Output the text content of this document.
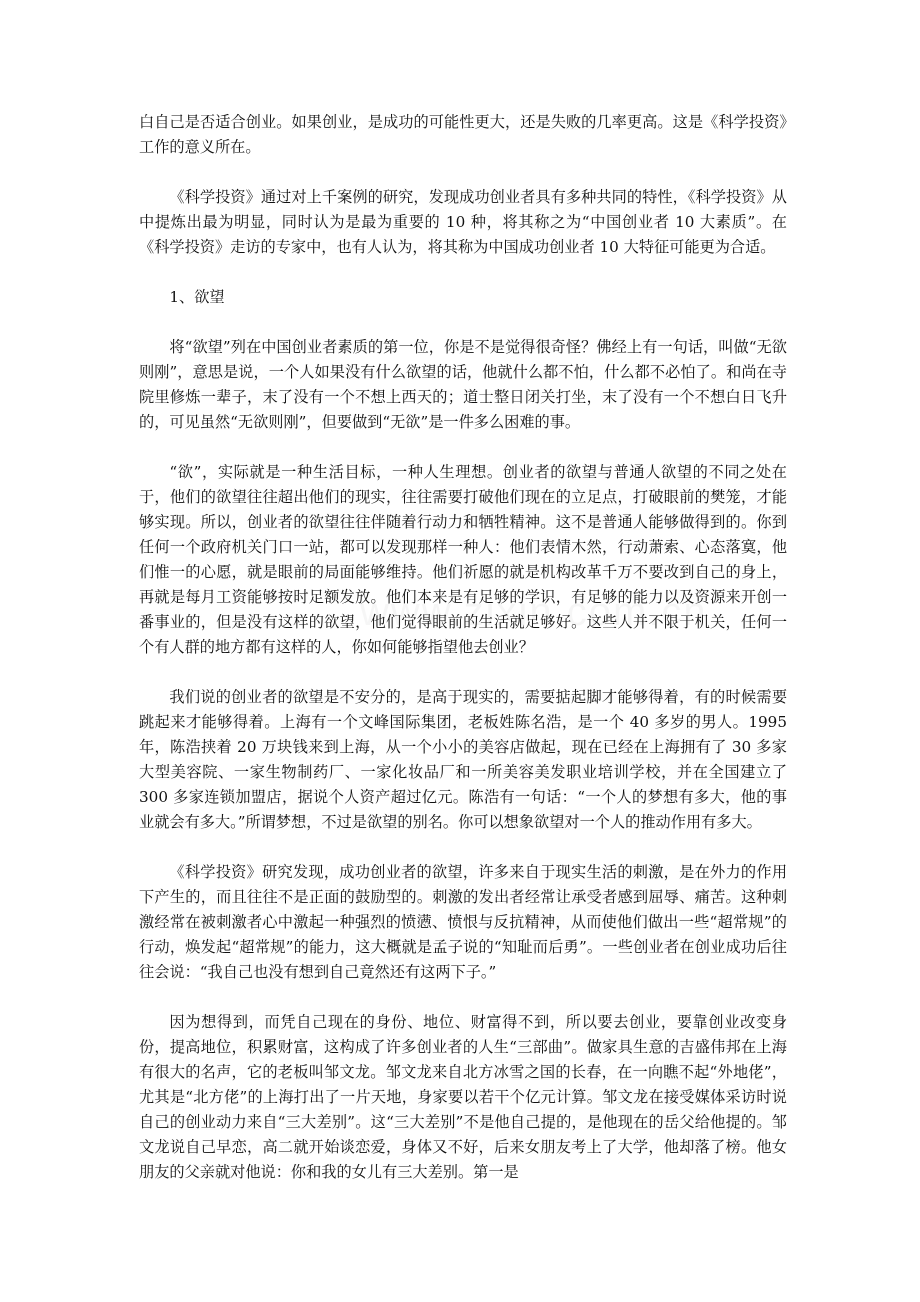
白自己是否适合创业。如果创业，是成功的可能性更大，还是失败的几率更高。这是《科学投资》工作的意义所在。

《科学投资》通过对上千案例的研究，发现成功创业者具有多种共同的特性，《科学投资》从中提炼出最为明显，同时认为是最为重要的 10 种，将其称之为“中国创业者 10 大素质”。在《科学投资》走访的专家中，也有人认为，将其称为中国成功创业者 10 大特征可能更为合适。

1、欲望

将“欲望”列在中国创业者素质的第一位，你是不是觉得很奇怪？佛经上有一句话，叫做“无欲则刚”，意思是说，一个人如果没有什么欲望的话，他就什么都不怕，什么都不必怕了。和尚在寺院里修炼一辈子，末了没有一个不想上西天的；道士整日闭关打坐，末了没有一个不想白日飞升的，可见虽然“无欲则刚”，但要做到“无欲”是一件多么困难的事。

“欲”，实际就是一种生活目标，一种人生理想。创业者的欲望与普通人欲望的不同之处在于，他们的欲望往往超出他们的现实，往往需要打破他们现在的立足点，打破眼前的樊笼，才能够实现。所以，创业者的欲望往往伴随着行动力和牺牲精神。这不是普通人能够做得到的。你到任何一个政府机关门口一站，都可以发现那样一种人：他们表情木然，行动萧索、心态落寞，他们惟一的心愿，就是眼前的局面能够维持。他们祈愿的就是机构改革千万不要改到自己的身上，再就是每月工资能够按时足额发放。他们本来是有足够的学识，有足够的能力以及资源来开创一番事业的，但是没有这样的欲望，他们觉得眼前的生活就足够好。这些人并不限于机关，任何一个有人群的地方都有这样的人，你如何能够指望他去创业？

我们说的创业者的欲望是不安分的，是高于现实的，需要掂起脚才能够得着，有的时候需要跳起来才能够得着。上海有一个文峰国际集团，老板姓陈名浩，是一个 40 多岁的男人。1995 年，陈浩挟着 20 万块钱来到上海，从一个小小的美容店做起，现在已经在上海拥有了 30 多家大型美容院、一家生物制药厂、一家化妆品厂和一所美容美发职业培训学校，并在全国建立了 300 多家连锁加盟店，据说个人资产超过亿元。陈浩有一句话：“一个人的梦想有多大，他的事业就会有多大。”所谓梦想，不过是欲望的别名。你可以想象欲望对一个人的推动作用有多大。

《科学投资》研究发现，成功创业者的欲望，许多来自于现实生活的刺激，是在外力的作用下产生的，而且往往不是正面的鼓励型的。刺激的发出者经常让承受者感到屈辱、痛苦。这种刺激经常在被刺激者心中激起一种强烈的愤懑、愤恨与反抗精神，从而使他们做出一些“超常规”的行动，焕发起“超常规”的能力，这大概就是孟子说的“知耻而后勇”。一些创业者在创业成功后往往会说：“我自己也没有想到自己竟然还有这两下子。”

因为想得到，而凭自己现在的身份、地位、财富得不到，所以要去创业，要靠创业改变身份，提高地位，积累财富，这构成了许多创业者的人生“三部曲”。做家具生意的吉盛伟邦在上海有很大的名声，它的老板叫邹文龙。邹文龙来自北方冰雪之国的长春，在一向瞧不起“外地佬”，尤其是“北方佬”的上海打出了一片天地，身家要以若干个亿元计算。邹文龙在接受媒体采访时说自己的创业动力来自“三大差别”。这“三大差别”不是他自己提的，是他现在的岳父给他提的。邹文龙说自己早恋，高二就开始谈恋爱，身体又不好，后来女朋友考上了大学，他却落了榜。他女朋友的父亲就对他说：你和我的女儿有三大差别。第一是
